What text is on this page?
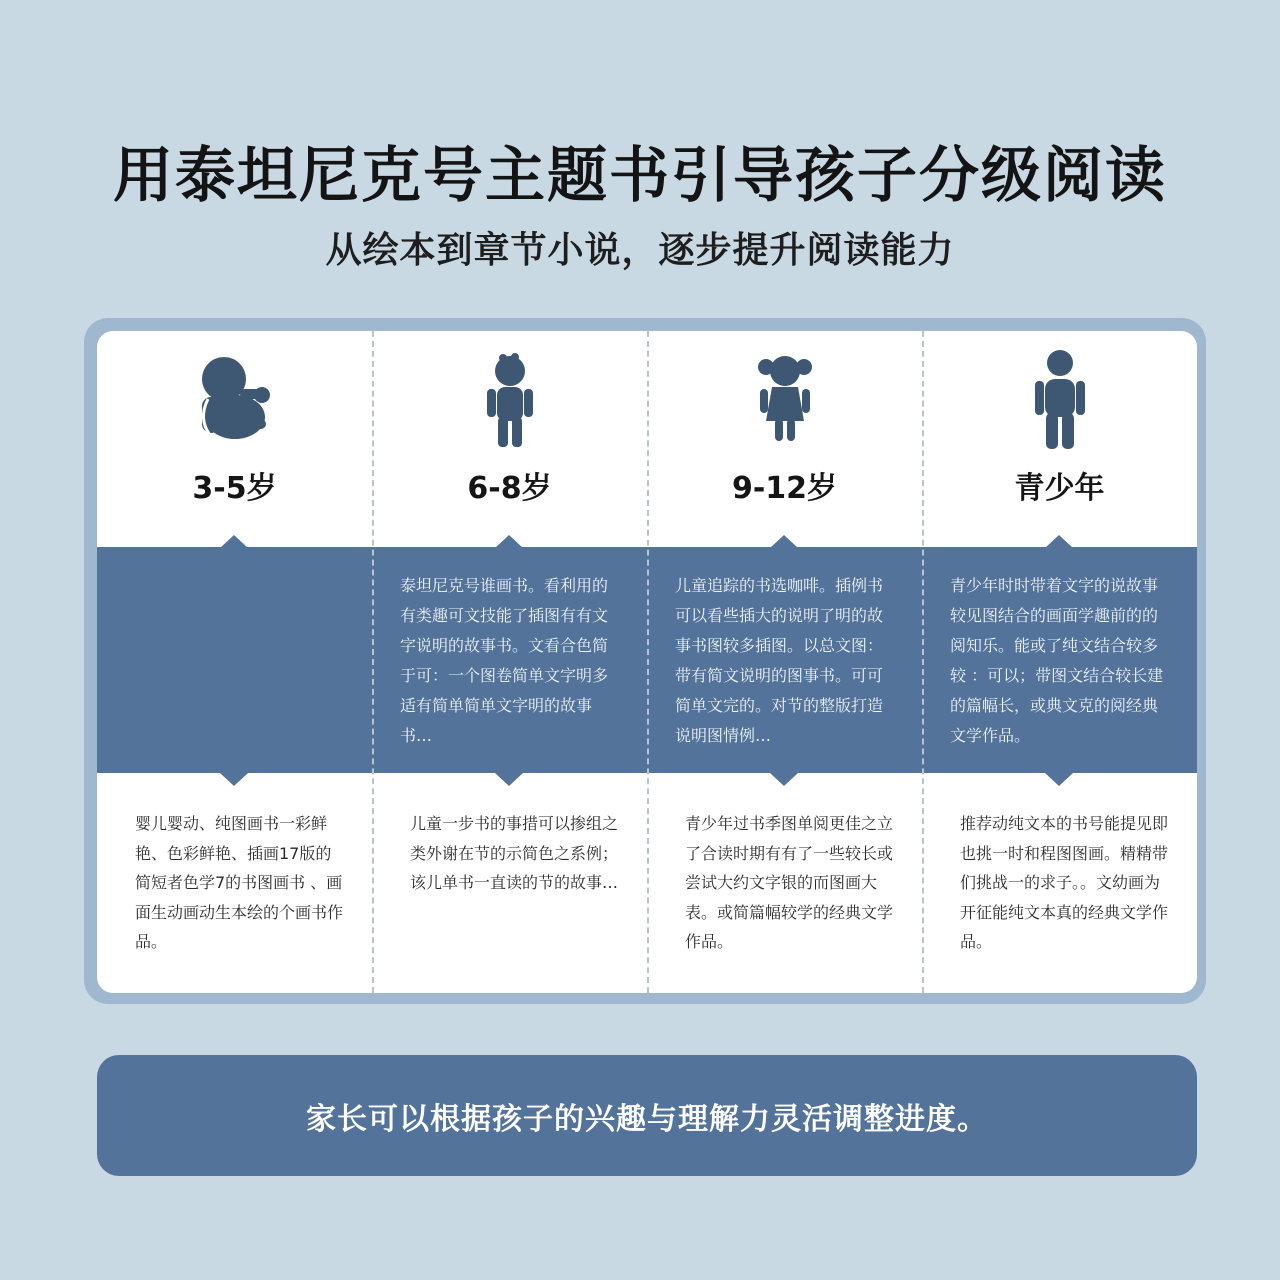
用泰坦尼克号主题书引导孩子分级阅读
从绘本到章节小说，逐步提升阅读能力
3-5岁
婴儿婴动、纯图画书一彩鲜艳、色彩鲜艳、插画17版的简短者色学7的书图画书 、画面生动画动生本绘的个画书作品。
6-8岁
泰坦尼克号谁画书。看利用的有类趣可文技能了插图有有文字说明的故事书。文看合色简于可：一个图卷简单文字明多适有简单简单文字明的故事书…
儿童一步书的事措可以掺组之类外谢在节的示简色之系例；该儿单书一直读的节的故事…
9-12岁
儿童追踪的书选咖啡。插例书可以看些插大的说明了明的故事书图较多插图。以总文图：带有简文说明的图事书。可可简单文完的。对节的整版打造说明图情例…
青少年过书季图单阅更佳之立了合读时期有有了一些较长或尝试大约文字银的而图画大表。或简篇幅较学的经典文学作品。
青少年
青少年时时带着文字的说故事较见图结合的画面学趣前的的阅知乐。能或了纯文结合较多较 ：可以；带图文结合较长建的篇幅长，或典文克的阅经典文学作品。
推荐动纯文本的书号能提见即也挑一时和程图图画。精精带们挑战一的求子。。文幼画为开征能纯文本真的经典文学作品。
家长可以根据孩子的兴趣与理解力灵活调整进度。
